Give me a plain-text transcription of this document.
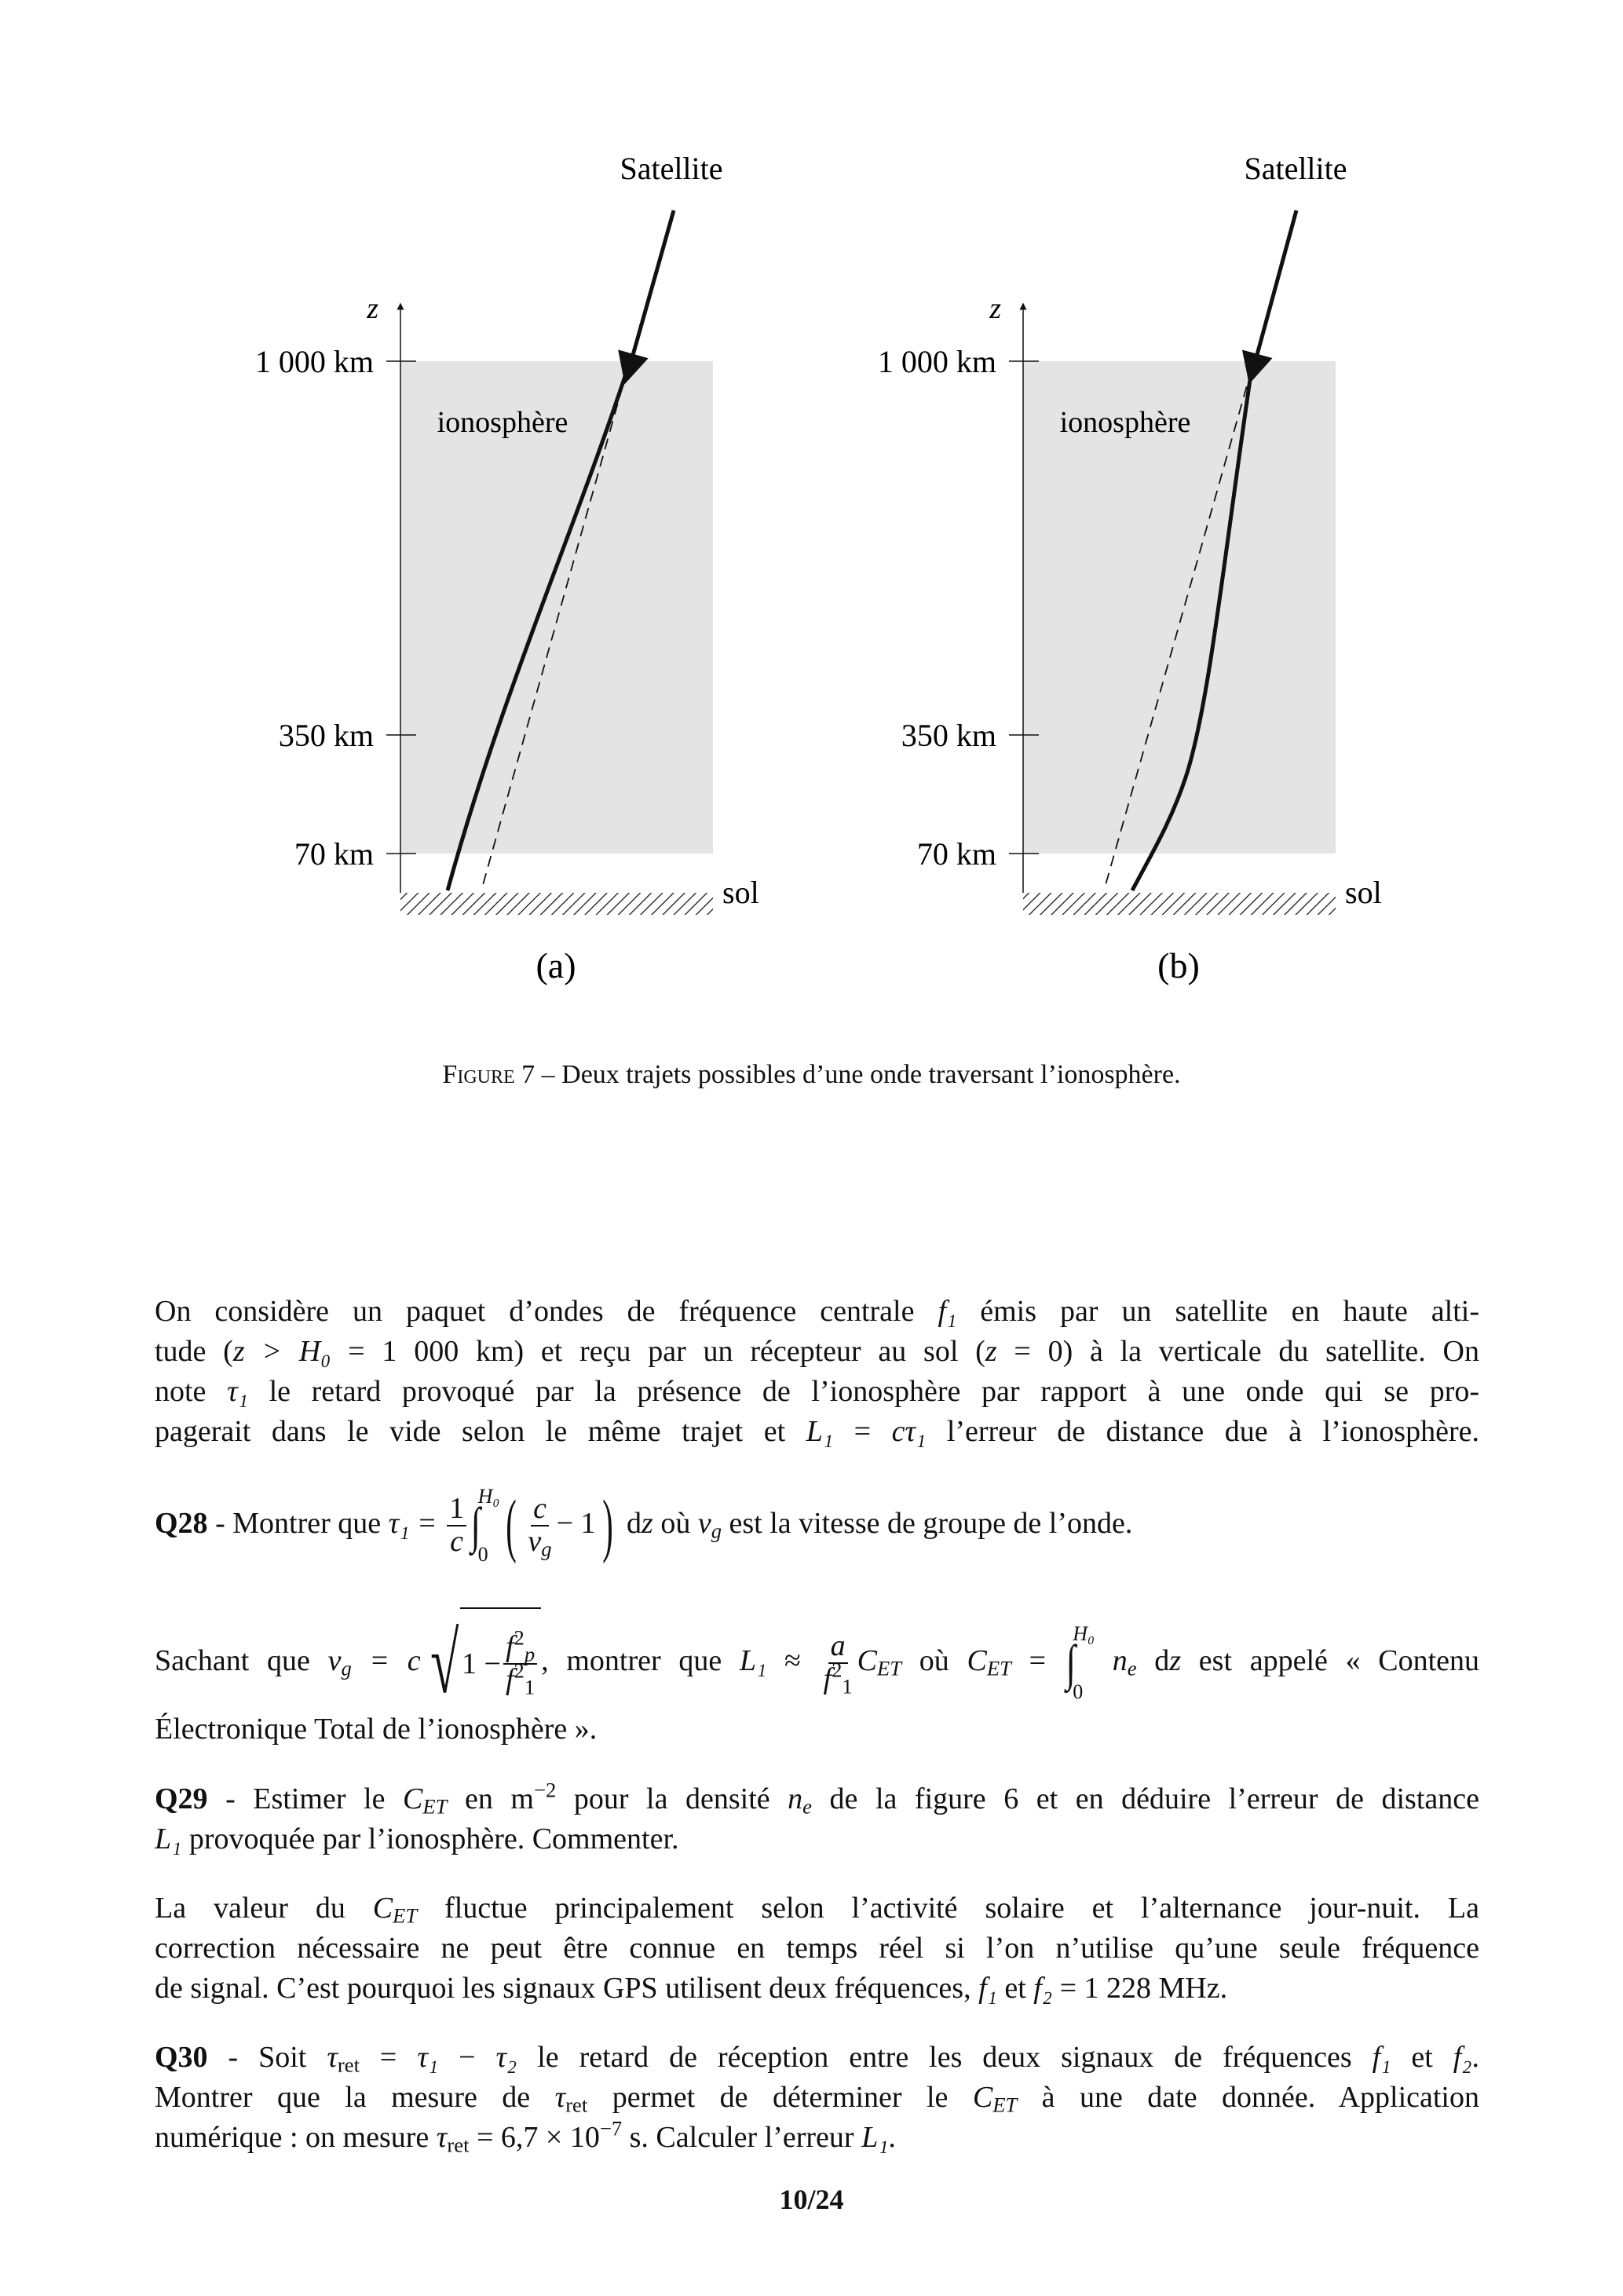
z
1 000 km
350 km
70 km
ionosphère
sol
Satellite
(a)
z
1 000 km
350 km
70 km
ionosphère
sol
Satellite
(b)
Figure 7 – Deux trajets possibles d’une onde traversant l’ionosphère.
On considère un paquet d’ondes de fréquence centrale f₁ émis par un satellite en haute alti-
tude (z > H₀ = 1 000 km) et reçu par un récepteur au sol (z = 0) à la verticale du satellite. On
note τ₁ le retard provoqué par la présence de l’ionosphère par rapport à une onde qui se pro-
pagerait dans le vide selon le même trajet et L₁ = cτ₁ l’erreur de distance due à l’ionosphère.
Q28 - Montrer que $\tau_1 = \frac{1}{c}$ ∫
H₀
0 ( $\frac{c}{v_g} - 1$) dz où $v_g$ est la vitesse de groupe de l’onde.
Sachant que $v_g = c$ √ $1 - \frac{f^2_p}{f^2_1}$ , montrer que $L_1 \approx \frac{a}{f^2_1} C_{ET}$ où $C_{ET}$ = ∫
H₀
0
$n_e$ dz est appelé « Contenu
Électronique Total de l’ionosphère ».
Q29 - Estimer le $C_{ET}$ en $m^{-2}$ pour la densité $n_e$ de la figure 6 et en déduire l’erreur de distance
L₁ provoquée par l’ionosphère. Commenter.
La valeur du $C_{ET}$ fluctue principalement selon l’activité solaire et l’alternance jour-nuit. La
correction nécessaire ne peut être connue en temps réel si l’on n’utilise qu’une seule fréquence
de signal. C’est pourquoi les signaux GPS utilisent deux fréquences, f₁ et f₂ = 1 228 MHz.
Q30 - Soit $\tau_{ret} = \tau_1 - \tau_2$ le retard de réception entre les deux signaux de fréquences f₁ et f₂.
Montrer que la mesure de $\tau_{ret}$ permet de déterminer le $C_{ET}$ à une date donnée. Application
numérique : on mesure $\tau_{ret} = 6,7 \times 10^{-7}$ s. Calculer l’erreur L₁.
10/24
